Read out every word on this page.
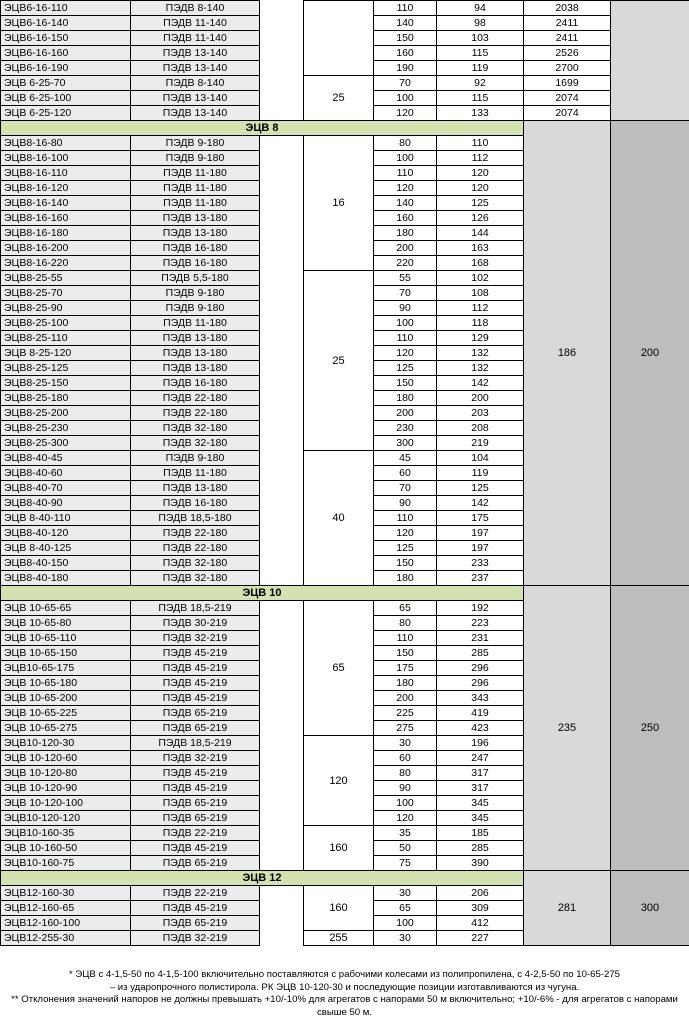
ЭЦВ6-16-110	ПЭДВ 8-140			110	94	2038		
ЭЦВ6-16-140	ПЭДВ 11-140			140	98	2411		
ЭЦВ6-16-150	ПЭДВ 11-140			150	103	2411		
ЭЦВ6-16-160	ПЭДВ 13-140			160	115	2526		
ЭЦВ6-16-190	ПЭДВ 13-140			190	119	2700		
ЭЦВ 6-25-70	ПЭДВ 8-140		25	70	92	1699		
ЭЦВ 6-25-100	ПЭДВ 13-140			100	115	2074		
ЭЦВ 6-25-120	ПЭДВ 13-140			120	133	2074		
ЭЦВ 8						186	200	
ЭЦВ8-16-80	ПЭДВ 9-180		16	80	110	
ЭЦВ8-16-100	ПЭДВ 9-180			100	112	
ЭЦВ8-16-110	ПЭДВ 11-180			110	120	
ЭЦВ8-16-120	ПЭДВ 11-180			120	120	
ЭЦВ8-16-140	ПЭДВ 11-180			140	125	
ЭЦВ8-16-160	ПЭДВ 13-180			160	126	
ЭЦВ8-16-180	ПЭДВ 13-180			180	144	
ЭЦВ8-16-200	ПЭДВ 16-180			200	163	
ЭЦВ8-16-220	ПЭДВ 16-180			220	168	
ЭЦВ8-25-55	ПЭДВ 5,5-180		25	55	102	
ЭЦВ8-25-70	ПЭДВ 9-180			70	108	
ЭЦВ8-25-90	ПЭДВ 9-180			90	112	
ЭЦВ8-25-100	ПЭДВ 11-180			100	118	
ЭЦВ8-25-110	ПЭДВ 13-180			110	129	
ЭЦВ 8-25-120	ПЭДВ 13-180			120	132	
ЭЦВ8-25-125	ПЭДВ 13-180			125	132	
ЭЦВ8-25-150	ПЭДВ 16-180			150	142	
ЭЦВ8-25-180	ПЭДВ 22-180			180	200	
ЭЦВ8-25-200	ПЭДВ 22-180			200	203	
ЭЦВ8-25-230	ПЭДВ 32-180			230	208	
ЭЦВ8-25-300	ПЭДВ 32-180			300	219	
ЭЦВ8-40-45	ПЭДВ 9-180		40	45	104	
ЭЦВ8-40-60	ПЭДВ 11-180			60	119	
ЭЦВ8-40-70	ПЭДВ 13-180			70	125	
ЭЦВ8-40-90	ПЭДВ 16-180			90	142	
ЭЦВ 8-40-110	ПЭДВ 18,5-180			110	175	
ЭЦВ8-40-120	ПЭДВ 22-180			120	197	
ЭЦВ 8-40-125	ПЭДВ 22-180			125	197	
ЭЦВ8-40-150	ПЭДВ 32-180			150	233	
ЭЦВ8-40-180	ПЭДВ 32-180			180	237	
ЭЦВ 10						235	250	
ЭЦВ 10-65-65	ПЭДВ 18,5-219		65	65	192	
ЭЦВ 10-65-80	ПЭДВ 30-219			80	223	
ЭЦВ 10-65-110	ПЭДВ 32-219			110	231	
ЭЦВ 10-65-150	ПЭДВ 45-219			150	285	
ЭЦВ10-65-175	ПЭДВ 45-219			175	296	
ЭЦВ 10-65-180	ПЭДВ 45-219			180	296	
ЭЦВ 10-65-200	ПЭДВ 45-219			200	343	
ЭЦВ 10-65-225	ПЭДВ 65-219			225	419	
ЭЦВ 10-65-275	ПЭДВ 65-219			275	423	
ЭЦВ10-120-30	ПЭДВ 18,5-219		120	30	196	
ЭЦВ 10-120-60	ПЭДВ 32-219			60	247	
ЭЦВ 10-120-80	ПЭДВ 45-219			80	317	
ЭЦВ 10-120-90	ПЭДВ 45-219			90	317	
ЭЦВ 10-120-100	ПЭДВ 65-219			100	345	
ЭЦВ10-120-120	ПЭДВ 65-219			120	345	
ЭЦВ10-160-35	ПЭДВ 22-219		160	35	185	
ЭЦВ 10-160-50	ПЭДВ 45-219			50	285	
ЭЦВ10-160-75	ПЭДВ 65-219			75	390	
ЭЦВ 12						281	300	
ЭЦВ12-160-30	ПЭДВ 22-219		160	30	206	
ЭЦВ12-160-65	ПЭДВ 45-219			65	309	
ЭЦВ12-160-100	ПЭДВ 65-219			100	412	
ЭЦВ12-255-30	ПЭДВ 32-219		255	30	227	
* ЭЦВ с 4-1,5-50 по 4-1,5-100 включительно поставляются с рабочими колесами из полипропилена, с 4-2,5-50 по 10-65-275
– из ударопрочного полистирола. РК ЭЦВ 10-120-30 и последующие позиции изготавливаются из чугуна.
** Отклонения значений напоров не должны превышать +10/-10% для агрегатов с напорами 50 м включительно; +10/-6% - для агрегатов с напорами
свыше 50 м.
